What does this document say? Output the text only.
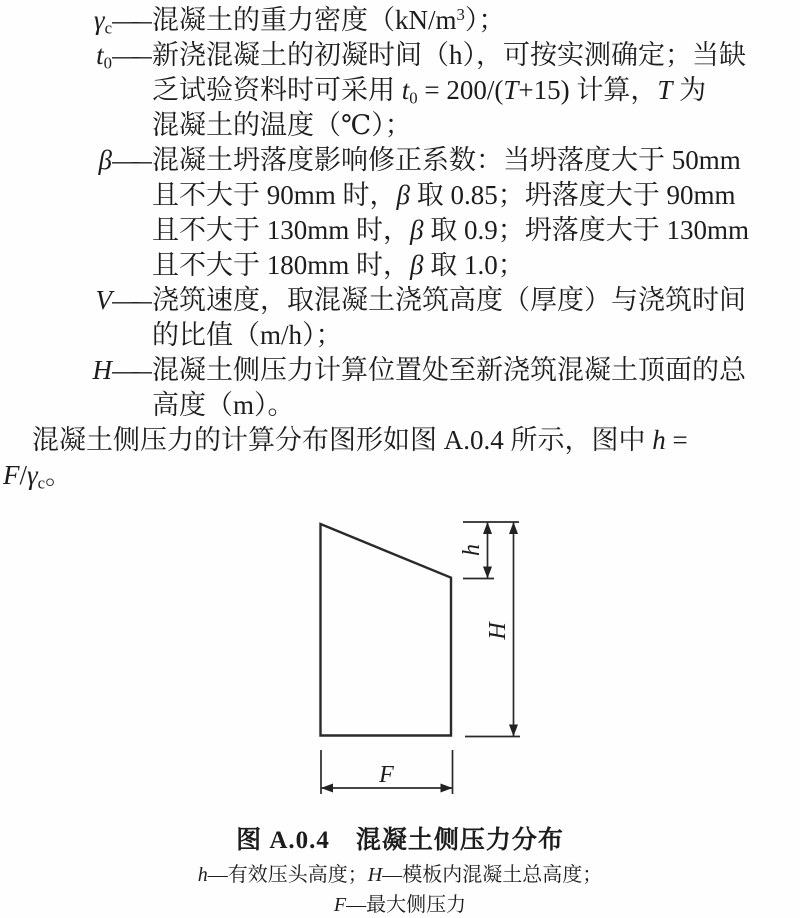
γc —— 混凝土的重力密度$(kN/m^3)$；
t0 —— 新浇混凝土的初凝时间（h），可按实测确定；当缺
乏试验资料时可采用 t0 = 200/(T+15) 计算，T 为
混凝土的温度（℃）；
β —— 混凝土坍落度影响修正系数：当坍落度大于 50mm
且不大于 90mm 时，β 取 0.85；坍落度大于 90mm
且不大于 130mm 时，β 取 0.9；坍落度大于 130mm
且不大于 180mm 时，β 取 1.0；
V —— 浇筑速度，取混凝土浇筑高度（厚度）与浇筑时间
的比值（m/h）；
H —— 混凝土侧压力计算位置处至新浇筑混凝土顶面的总
高度（m）。
混凝土侧压力的计算分布图形如图 A.0.4 所示，图中 h =
F/γc。
h
H
F
图 A.0.4　混凝土侧压力分布
h—有效压头高度；H—模板内混凝土总高度；
F—最大侧压力
